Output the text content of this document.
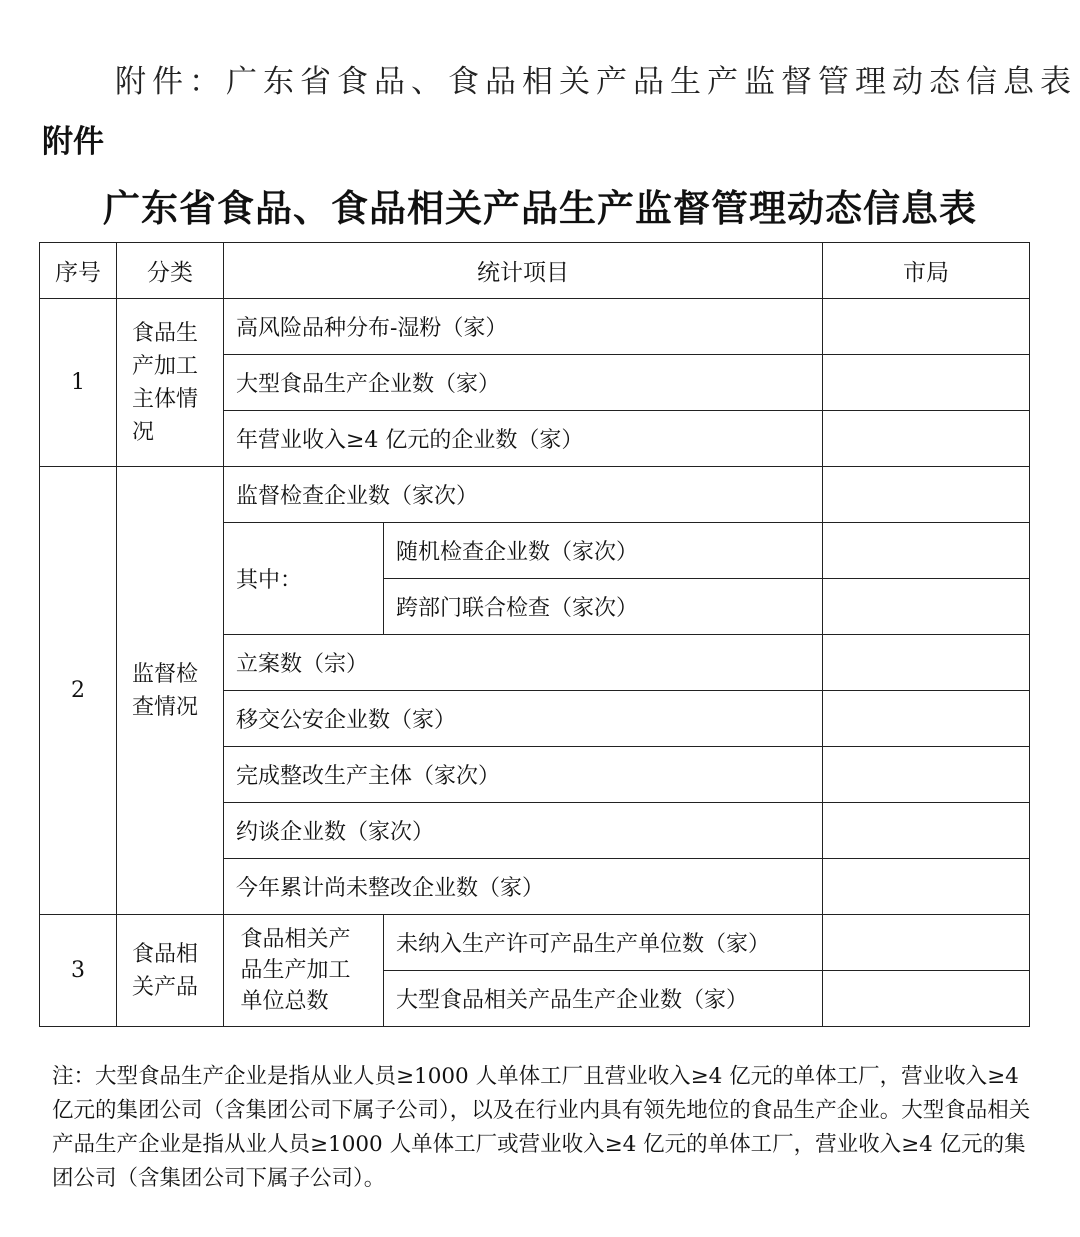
附件：广东省食品、食品相关产品生产监督管理动态信息表
附件
广东省食品、食品相关产品生产监督管理动态信息表
序号	分类	统计项目		市局
1	食品生产加工主体情况	高风险品种分布-湿粉（家）		
		大型食品生产企业数（家）		
		年营业收入≥4 亿元的企业数（家）		
2	监督检查情况	监督检查企业数（家次）		
		其中：	随机检查企业数（家次）	
			跨部门联合检查（家次）	
		立案数（宗）		
		移交公安企业数（家）		
		完成整改生产主体（家次）		
		约谈企业数（家次）		
		今年累计尚未整改企业数（家）		
3	食品相关产品	食品相关产品生产加工单位总数	未纳入生产许可产品生产单位数（家）	
			大型食品相关产品生产企业数（家）	
注：大型食品生产企业是指从业人员≥1000 人单体工厂且营业收入≥4 亿元的单体工厂，营业收入≥4 亿元的集团公司（含集团公司下属子公司），以及在行业内具有领先地位的食品生产企业。大型食品相关产品生产企业是指从业人员≥1000 人单体工厂或营业收入≥4 亿元的单体工厂，营业收入≥4 亿元的集团公司（含集团公司下属子公司）。
